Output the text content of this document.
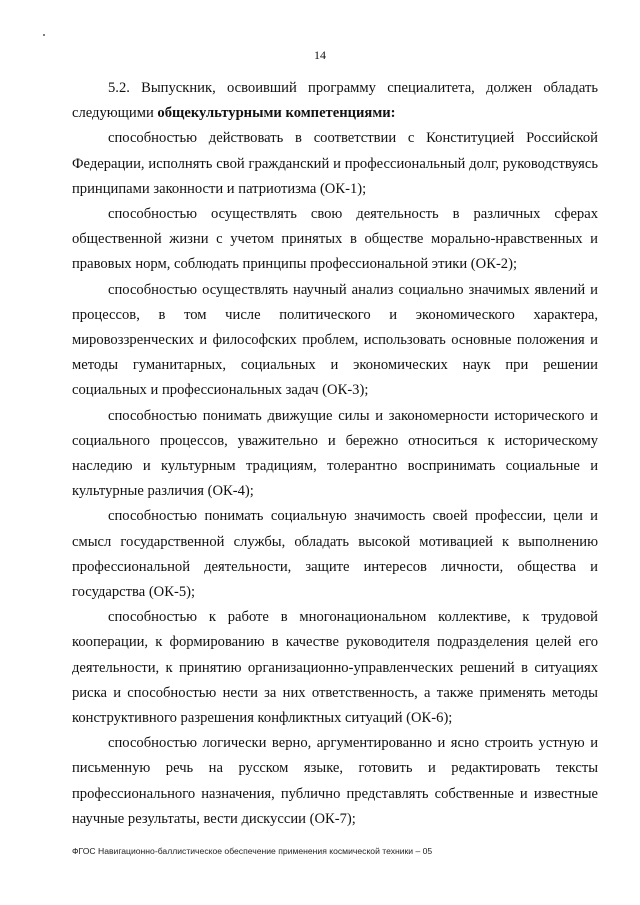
14

5.2. Выпускник, освоивший программу специалитета, должен обладать следующими общекультурными компетенциями:

способностью действовать в соответствии с Конституцией Российской Федерации, исполнять свой гражданский и профессиональный долг, руководствуясь принципами законности и патриотизма (ОК-1);

способностью осуществлять свою деятельность в различных сферах общественной жизни с учетом принятых в обществе морально-нравственных и правовых норм, соблюдать принципы профессиональной этики (ОК-2);

способностью осуществлять научный анализ социально значимых явлений и процессов, в том числе политического и экономического характера, мировоззренческих и философских проблем, использовать основные положения и методы гуманитарных, социальных и экономических наук при решении социальных и профессиональных задач (ОК-3);

способностью понимать движущие силы и закономерности исторического и социального процессов, уважительно и бережно относиться к историческому наследию и культурным традициям, толерантно воспринимать социальные и культурные различия (ОК-4);

способностью понимать социальную значимость своей профессии, цели и смысл государственной службы, обладать высокой мотивацией к выполнению профессиональной деятельности, защите интересов личности, общества и государства (ОК-5);

способностью к работе в многонациональном коллективе, к трудовой кооперации, к формированию в качестве руководителя подразделения целей его деятельности, к принятию организационно-управленческих решений в ситуациях риска и способностью нести за них ответственность, а также применять методы конструктивного разрешения конфликтных ситуаций (ОК-6);

способностью логически верно, аргументированно и ясно строить устную и письменную речь на русском языке, готовить и редактировать тексты профессионального назначения, публично представлять собственные и известные научные результаты, вести дискуссии (ОК-7);

ФГОС Навигационно-баллистическое обеспечение применения космической техники – 05
